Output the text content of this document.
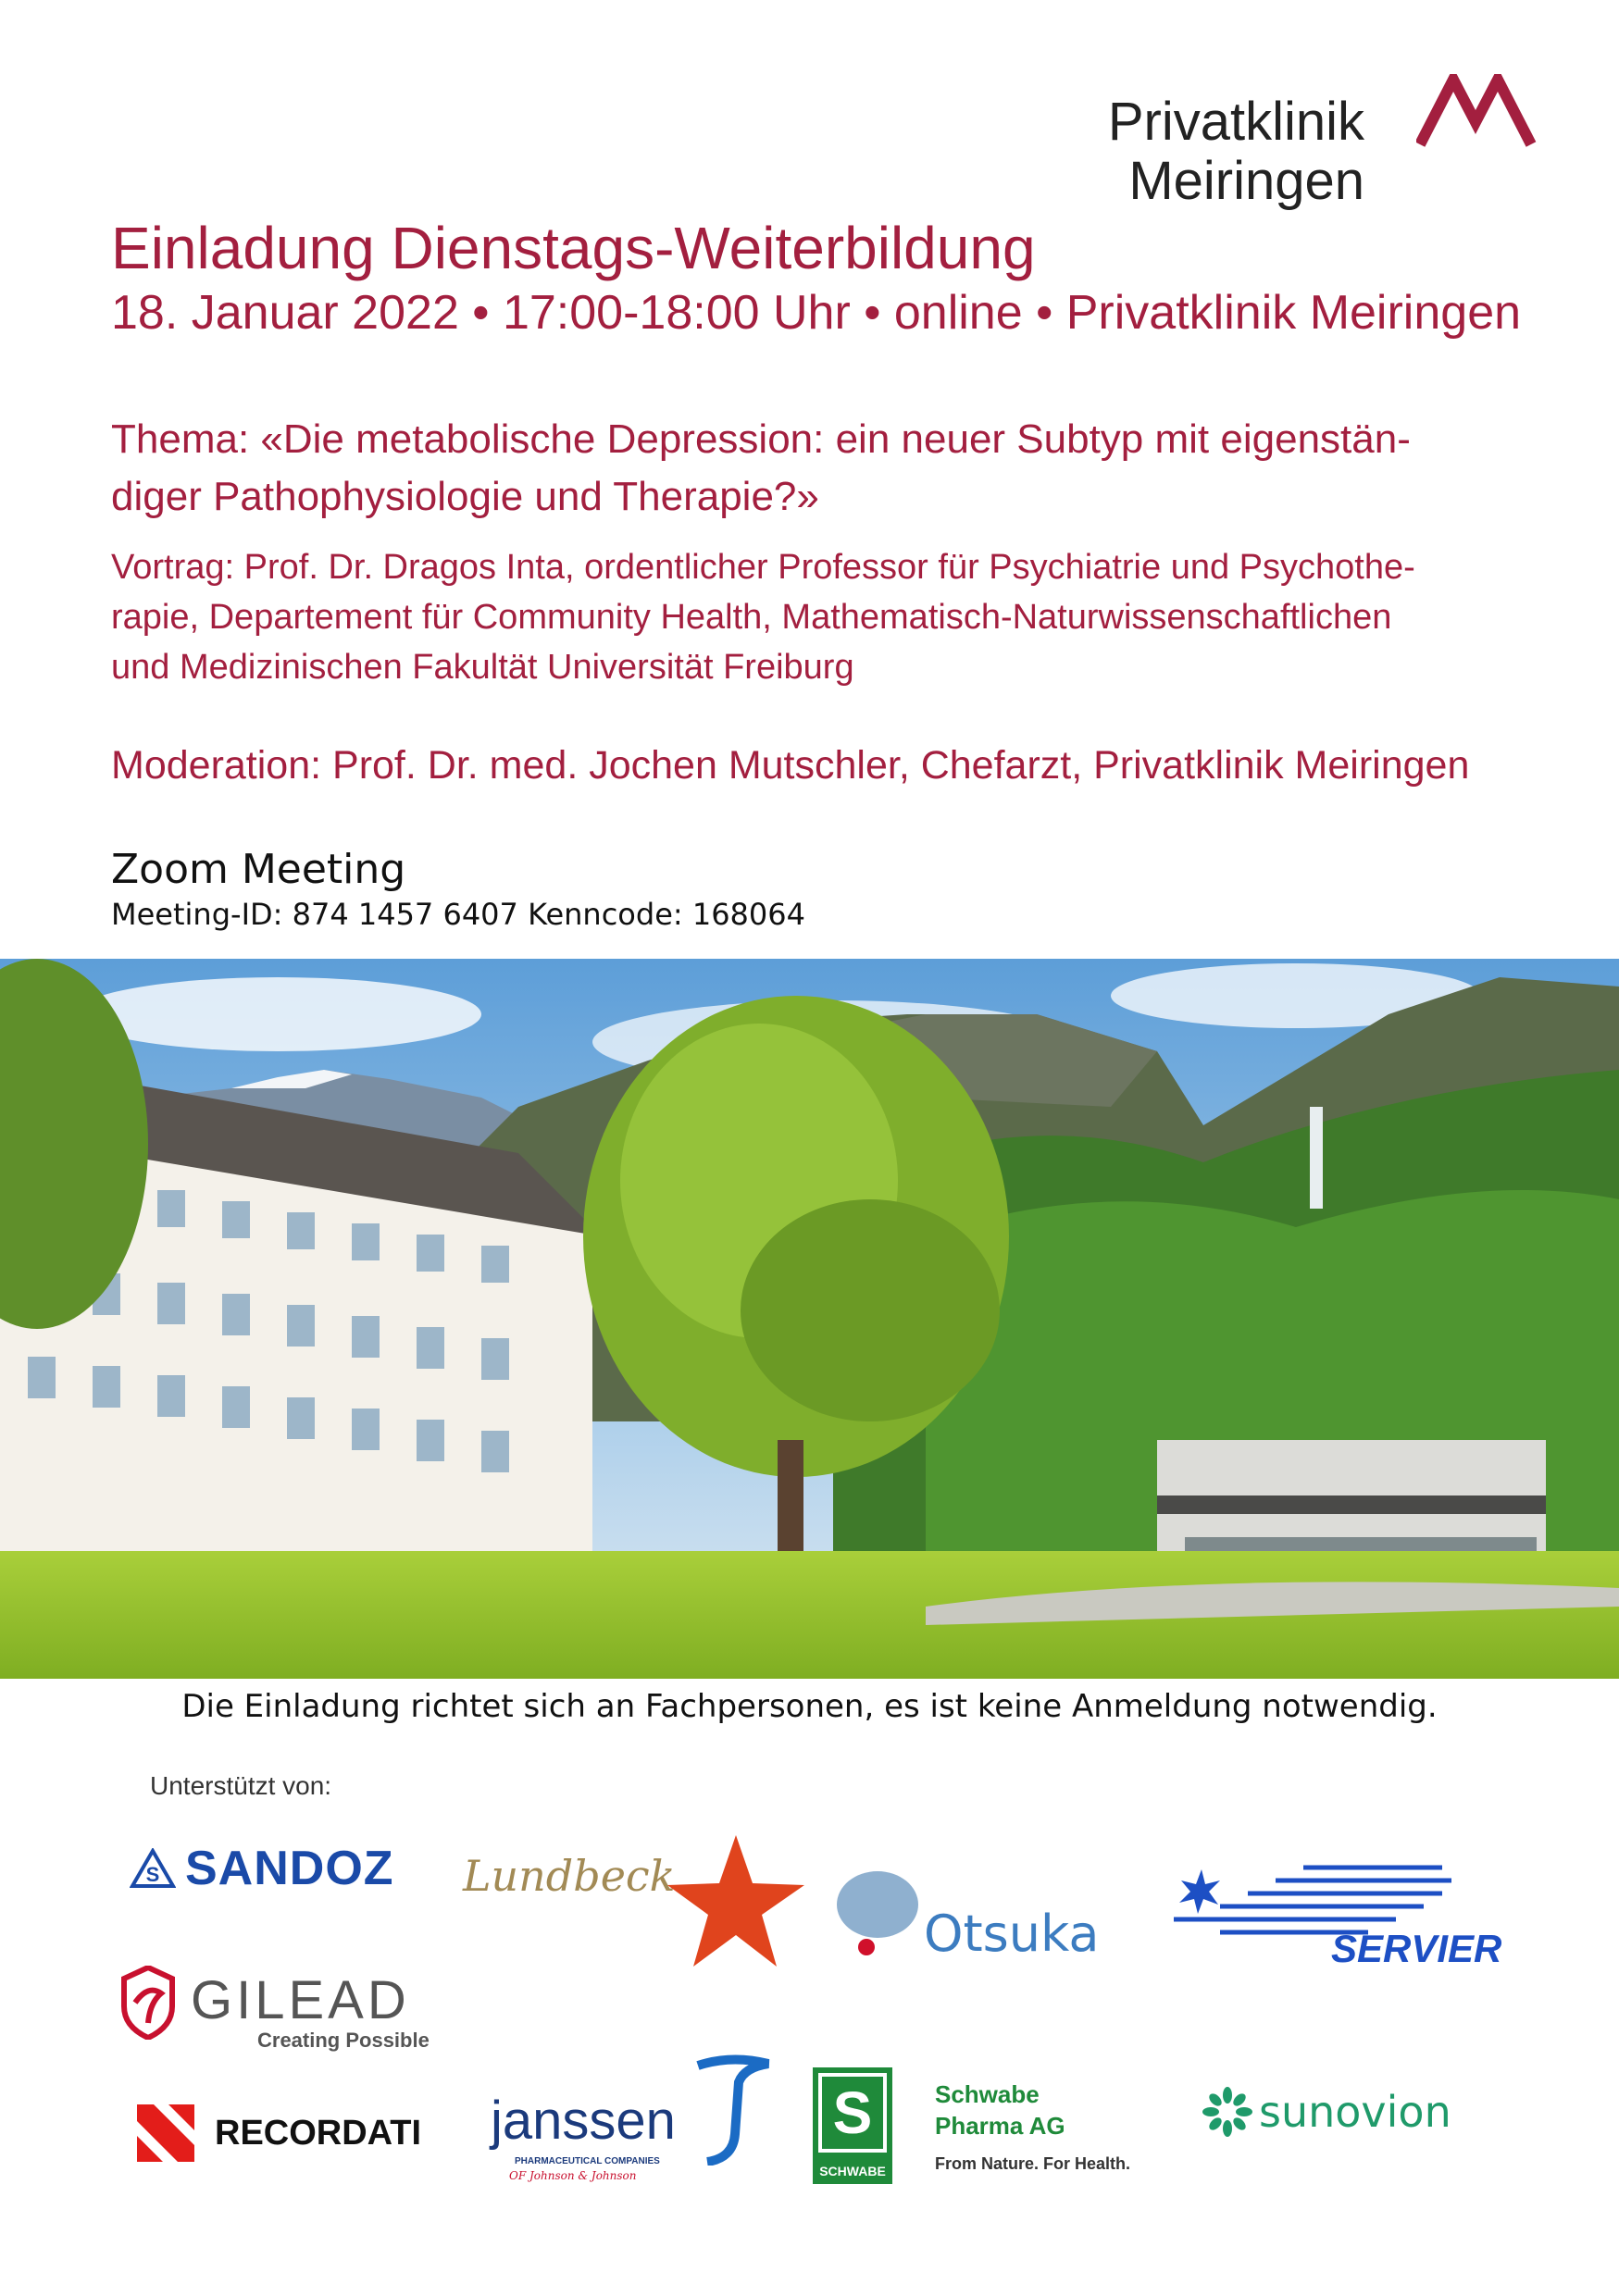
Privatklinik
Meiringen
Einladung Dienstags-Weiterbildung
18. Januar 2022 • 17:00-18:00 Uhr • online • Privatklinik Meiringen
Thema: «Die metabolische Depression: ein neuer Subtyp mit eigenstän-
diger Pathophysiologie und Therapie?»
Vortrag: Prof. Dr. Dragos Inta, ordentlicher Professor für Psychiatrie und Psychothe-
rapie, Departement für Community Health, Mathematisch-Naturwissenschaftlichen
und Medizinischen Fakultät Universität Freiburg
Moderation: Prof. Dr. med. Jochen Mutschler, Chefarzt, Privatklinik Meiringen
Zoom Meeting
Meeting-ID: 874 1457 6407 Kenncode: 168064
Die Einladung richtet sich an Fachpersonen, es ist keine Anmeldung notwendig.
Unterstützt von:
S SANDOZ Lundbeck
Otsuka	SERVIER
GILEAD
Creating Possible
RECORDATI janssen
PHARMACEUTICAL COMPANIES
OF Johnson & Johnson
S
SCHWABE
Schwabe
Pharma AG
From Nature. For Health.
sunovion
